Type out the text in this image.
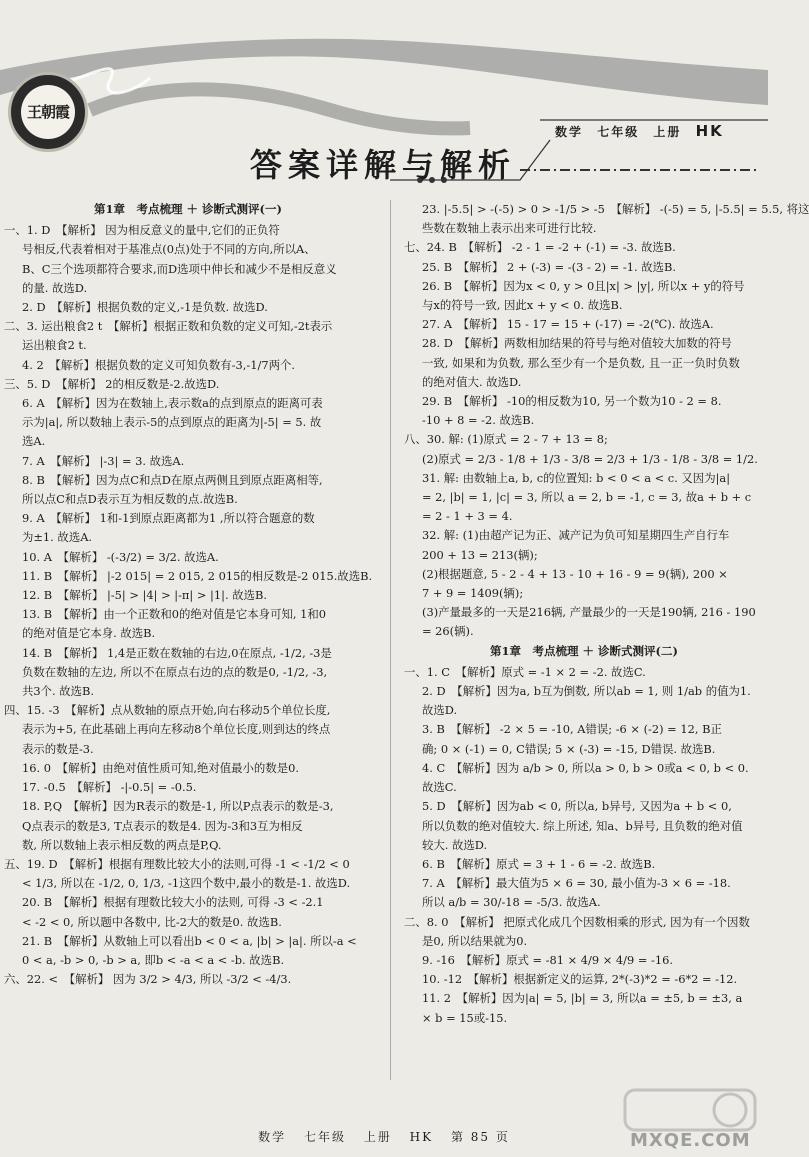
王朝霞
数学 七年级 上册 HK
答案详解与解析
第1章　考点梳理 ＋ 诊断式测评(一)
一、1. D　【解析】 因为相反意义的量中,它们的正负符
号相反,代表着相对于基准点(0点)处于不同的方向,所以A、
B、C三个选项都符合要求,而D选项中伸长和减少不是相反意义
的量. 故选D.
2. D　【解析】根据负数的定义,-1是负数. 故选D.
二、3. 运出粮食2 t　【解析】根据正数和负数的定义可知,-2t表示
运出粮食2 t.
4. 2　【解析】根据负数的定义可知负数有-3,-1/7两个.
三、5. D　【解析】 2的相反数是-2.故选D.
6. A　【解析】因为在数轴上,表示数a的点到原点的距离可表
示为|a|, 所以数轴上表示-5的点到原点的距离为|-5| = 5. 故
选A.
7. A　【解析】 |-3| = 3. 故选A.
8. B　【解析】因为点C和点D在原点两侧且到原点距离相等,
所以点C和点D表示互为相反数的点.故选B.
9. A　【解析】 1和-1到原点距离都为1 ,所以符合题意的数
为±1. 故选A.
10. A　【解析】 -(-3/2) = 3/2. 故选A.
11. B　【解析】 |-2 015| = 2 015, 2 015的相反数是-2 015.故选B.
12. B　【解析】 |-5| > |4| > |-π| > |1|. 故选B.
13. B　【解析】由一个正数和0的绝对值是它本身可知, 1和0
的绝对值是它本身. 故选B.
14. B　【解析】 1,4是正数在数轴的右边,0在原点, -1/2, -3是
负数在数轴的左边, 所以不在原点右边的点的数是0, -1/2, -3,
共3个. 故选B.
四、15. -3　【解析】点从数轴的原点开始,向右移动5个单位长度,
表示为+5, 在此基础上再向左移动8个单位长度,则到达的终点
表示的数是-3.
16. 0　【解析】由绝对值性质可知,绝对值最小的数是0.
17. -0.5　【解析】 -|-0.5| = -0.5.
18. P,Q　【解析】因为R表示的数是-1, 所以P点表示的数是-3,
Q点表示的数是3, T点表示的数是4. 因为-3和3互为相反
数, 所以数轴上表示相反数的两点是P,Q.
五、19. D　【解析】根据有理数比较大小的法则,可得 -1 < -1/2 < 0
< 1/3, 所以在 -1/2, 0, 1/3, -1这四个数中,最小的数是-1. 故选D.
20. B　【解析】根据有理数比较大小的法则, 可得 -3 < -2.1
< -2 < 0, 所以题中各数中, 比-2大的数是0. 故选B.
21. B　【解析】从数轴上可以看出b < 0 < a, |b| > |a|. 所以-a <
0 < a, -b > 0, -b > a, 即b < -a < a < -b. 故选B.
六、22. <　【解析】 因为 3/2 > 4/3, 所以 -3/2 < -4/3.
23. |-5.5| > -(-5) > 0 > -1/5 > -5　【解析】 -(-5) = 5, |-5.5| = 5.5, 将这
些数在数轴上表示出来可进行比较.
七、24. B　【解析】 -2 - 1 = -2 + (-1) = -3. 故选B.
25. B　【解析】 2 + (-3) = -(3 - 2) = -1. 故选B.
26. B　【解析】因为x < 0, y > 0且|x| > |y|, 所以x + y的符号
与x的符号一致, 因此x + y < 0. 故选B.
27. A　【解析】 15 - 17 = 15 + (-17) = -2(℃). 故选A.
28. D　【解析】两数相加结果的符号与绝对值较大加数的符号
一致, 如果和为负数, 那么至少有一个是负数, 且一正一负时负数
的绝对值大. 故选D.
29. B　【解析】 -10的相反数为10, 另一个数为10 - 2 = 8.
-10 + 8 = -2. 故选B.
八、30. 解: (1)原式 = 2 - 7 + 13 = 8;
(2)原式 = 2/3 - 1/8 + 1/3 - 3/8 = 2/3 + 1/3 - 1/8 - 3/8 = 1/2.
31. 解: 由数轴上a, b, c的位置知: b < 0 < a < c. 又因为|a|
= 2, |b| = 1, |c| = 3, 所以 a = 2, b = -1, c = 3, 故a + b + c
= 2 - 1 + 3 = 4.
32. 解: (1)由超产记为正、减产记为负可知星期四生产自行车
200 + 13 = 213(辆);
(2)根据题意, 5 - 2 - 4 + 13 - 10 + 16 - 9 = 9(辆), 200 ×
7 + 9 = 1409(辆);
(3)产量最多的一天是216辆, 产量最少的一天是190辆, 216 - 190
= 26(辆).
第1章　考点梳理 ＋ 诊断式测评(二)
一、1. C　【解析】原式 = -1 × 2 = -2. 故选C.
2. D　【解析】因为a, b互为倒数, 所以ab = 1, 则 1/ab 的值为1.
故选D.
3. B　【解析】 -2 × 5 = -10, A错误; -6 × (-2) = 12, B正
确; 0 × (-1) = 0, C错误; 5 × (-3) = -15, D错误. 故选B.
4. C　【解析】因为 a/b > 0, 所以a > 0, b > 0或a < 0, b < 0.
故选C.
5. D　【解析】因为ab < 0, 所以a, b异号, 又因为a + b < 0,
所以负数的绝对值较大. 综上所述, 知a、b异号, 且负数的绝对值
较大. 故选D.
6. B　【解析】原式 = 3 + 1 - 6 = -2. 故选B.
7. A　【解析】最大值为5 × 6 = 30, 最小值为-3 × 6 = -18.
所以 a/b = 30/-18 = -5/3. 故选A.
二、8. 0　【解析】 把原式化成几个因数相乘的形式, 因为有一个因数
是0, 所以结果就为0.
9. -16　【解析】原式 = -81 × 4/9 × 4/9 = -16.
10. -12　【解析】根据新定义的运算, 2*(-3)*2 = -6*2 = -12.
11. 2　【解析】因为|a| = 5, |b| = 3, 所以a = ±5, b = ±3, a
× b = 15或-15.
数学 七年级 上册 HK 第 85 页	MXQE.COM
